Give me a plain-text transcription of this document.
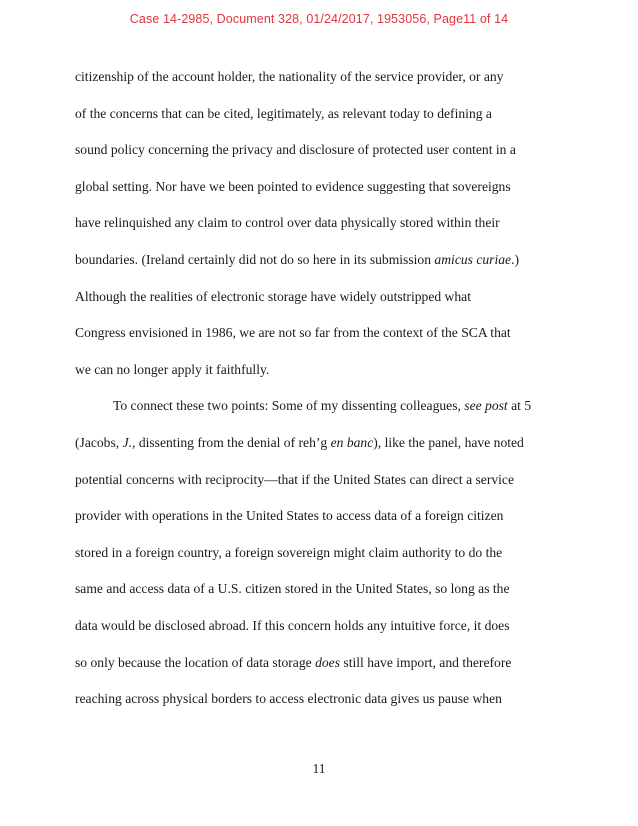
Case 14-2985, Document 328, 01/24/2017, 1953056, Page11 of 14
citizenship of the account holder, the nationality of the service provider, or any
of the concerns that can be cited, legitimately, as relevant today to defining a
sound policy concerning the privacy and disclosure of protected user content in a
global setting. Nor have we been pointed to evidence suggesting that sovereigns
have relinquished any claim to control over data physically stored within their
boundaries. (Ireland certainly did not do so here in its submission amicus curiae.)
Although the realities of electronic storage have widely outstripped what
Congress envisioned in 1986, we are not so far from the context of the SCA that
we can no longer apply it faithfully.
To connect these two points: Some of my dissenting colleagues, see post at 5
(Jacobs, J., dissenting from the denial of reh’g en banc), like the panel, have noted
potential concerns with reciprocity—that if the United States can direct a service
provider with operations in the United States to access data of a foreign citizen
stored in a foreign country, a foreign sovereign might claim authority to do the
same and access data of a U.S. citizen stored in the United States, so long as the
data would be disclosed abroad. If this concern holds any intuitive force, it does
so only because the location of data storage does still have import, and therefore
reaching across physical borders to access electronic data gives us pause when
11
